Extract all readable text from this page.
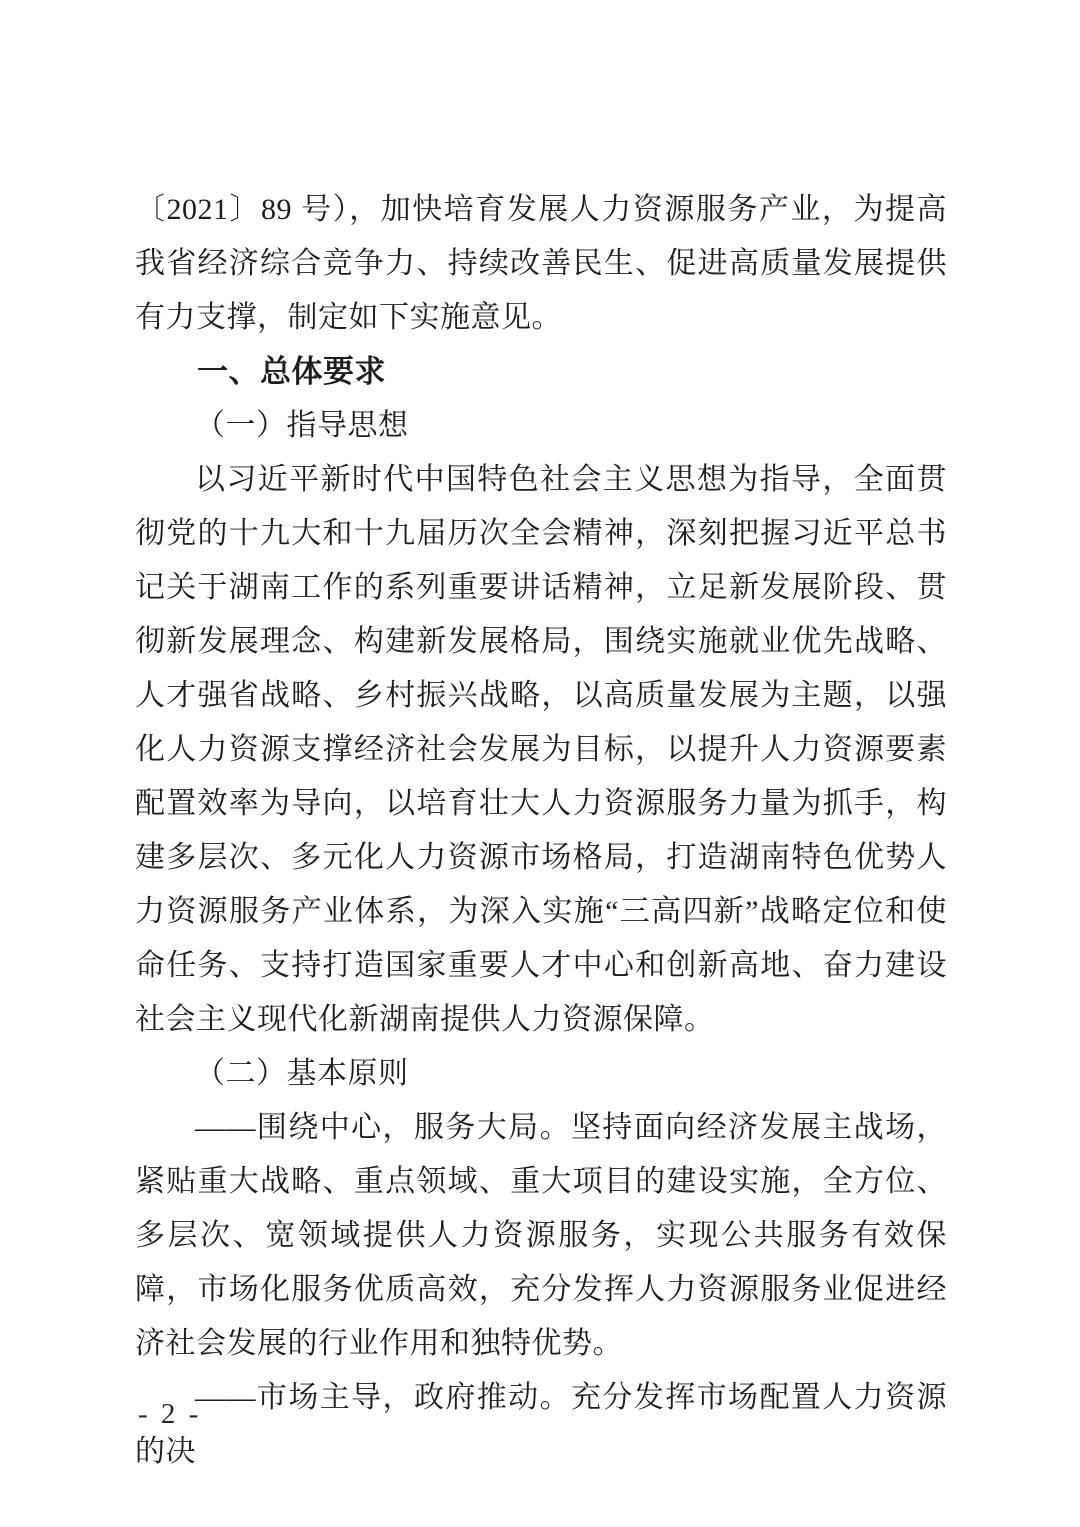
〔2021〕89 号），加快培育发展人力资源服务产业，为提高我省经济综合竞争力、持续改善民生、促进高质量发展提供有力支撑，制定如下实施意见。

一、总体要求

（一）指导思想

以习近平新时代中国特色社会主义思想为指导，全面贯彻党的十九大和十九届历次全会精神，深刻把握习近平总书记关于湖南工作的系列重要讲话精神，立足新发展阶段、贯彻新发展理念、构建新发展格局，围绕实施就业优先战略、人才强省战略、乡村振兴战略，以高质量发展为主题，以强化人力资源支撑经济社会发展为目标，以提升人力资源要素配置效率为导向，以培育壮大人力资源服务力量为抓手，构建多层次、多元化人力资源市场格局，打造湖南特色优势人力资源服务产业体系，为深入实施“三高四新”战略定位和使命任务、支持打造国家重要人才中心和创新高地、奋力建设社会主义现代化新湖南提供人力资源保障。

（二）基本原则

——围绕中心，服务大局。坚持面向经济发展主战场，紧贴重大战略、重点领域、重大项目的建设实施，全方位、多层次、宽领域提供人力资源服务，实现公共服务有效保障，市场化服务优质高效，充分发挥人力资源服务业促进经济社会发展的行业作用和独特优势。

——市场主导，政府推动。充分发挥市场配置人力资源的决

- 2 -
